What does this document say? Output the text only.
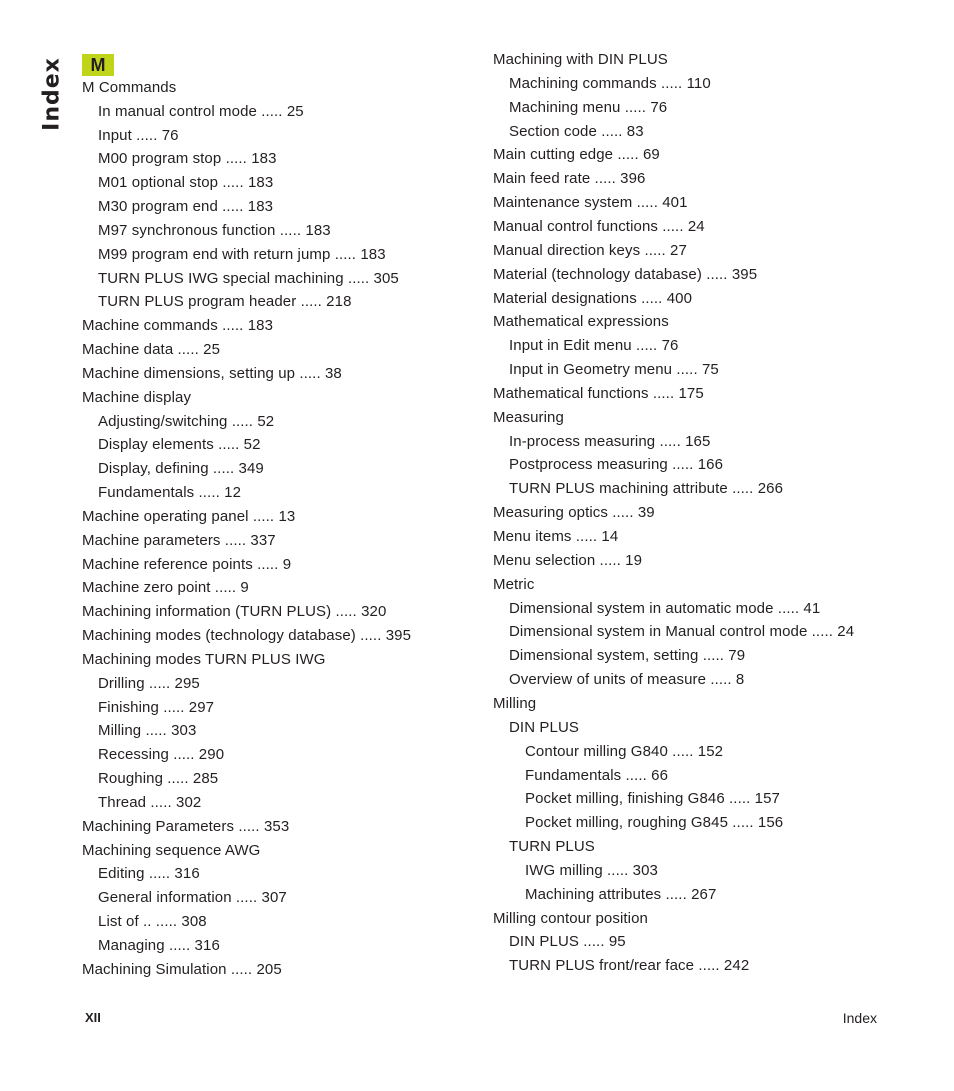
Index M
M Commands
In manual control mode ..... 25
Input ..... 76
M00 program stop ..... 183
M01 optional stop ..... 183
M30 program end ..... 183
M97 synchronous function ..... 183
M99 program end with return jump ..... 183
TURN PLUS IWG special machining ..... 305
TURN PLUS program header ..... 218
Machine commands ..... 183
Machine data ..... 25
Machine dimensions, setting up ..... 38
Machine display
Adjusting/switching ..... 52
Display elements ..... 52
Display, defining ..... 349
Fundamentals ..... 12
Machine operating panel ..... 13
Machine parameters ..... 337
Machine reference points ..... 9
Machine zero point ..... 9
Machining information (TURN PLUS) ..... 320
Machining modes (technology database) ..... 395
Machining modes TURN PLUS IWG
Drilling ..... 295
Finishing ..... 297
Milling ..... 303
Recessing ..... 290
Roughing ..... 285
Thread ..... 302
Machining Parameters ..... 353
Machining sequence AWG
Editing ..... 316
General information ..... 307
List of .. ..... 308
Managing ..... 316
Machining Simulation ..... 205
Machining with DIN PLUS
Machining commands ..... 110
Machining menu ..... 76
Section code ..... 83
Main cutting edge ..... 69
Main feed rate ..... 396
Maintenance system ..... 401
Manual control functions ..... 24
Manual direction keys ..... 27
Material (technology database) ..... 395
Material designations ..... 400
Mathematical expressions
Input in Edit menu ..... 76
Input in Geometry menu ..... 75
Mathematical functions ..... 175
Measuring
In-process measuring ..... 165
Postprocess measuring ..... 166
TURN PLUS machining attribute ..... 266
Measuring optics ..... 39
Menu items ..... 14
Menu selection ..... 19
Metric
Dimensional system in automatic mode ..... 41
Dimensional system in Manual control mode ..... 24
Dimensional system, setting ..... 79
Overview of units of measure ..... 8
Milling
DIN PLUS
Contour milling G840 ..... 152
Fundamentals ..... 66
Pocket milling, finishing G846 ..... 157
Pocket milling, roughing G845 ..... 156
TURN PLUS
IWG milling ..... 303
Machining attributes ..... 267
Milling contour position
DIN PLUS ..... 95
TURN PLUS front/rear face ..... 242
XII	Index
